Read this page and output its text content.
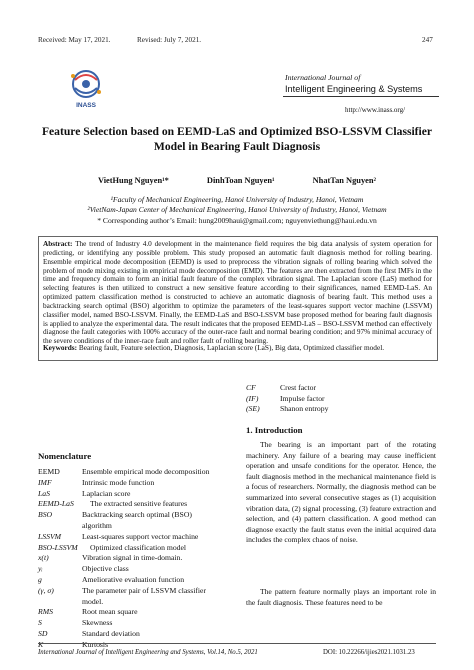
Received: May 17, 2021.	Revised: July 7, 2021.	247
INASS
International Journal of
Intelligent Engineering & Systems
http://www.inass.org/
Feature Selection based on EEMD-LaS and Optimized BSO-LSSVM Classifier
Model in Bearing Fault Diagnosis
VietHung Nguyen¹*	DinhToan Nguyen¹	NhatTan Nguyen²
¹Faculty of Mechanical Engineering, Hanoi University of Industry, Hanoi, Vietnam
²VietNam-Japan Center of Mechanical Engineering, Hanoi University of Industry, Hanoi, Vietnam
* Corresponding author’s Email: hung2009haui@gmail.com; nguyenviethung@haui.edu.vn
Abstract: The trend of Industry 4.0 development in the maintenance field requires the big data analysis of system operation for predicting, or identifying any possible problem. This study proposed an automatic fault diagnosis method for rolling bearing. Ensemble empirical mode decomposition (EEMD) is used to preprocess the vibration signals of rolling bearing which solved the problem of mode mixing existing in empirical mode decomposition (EMD). The features are then extracted from the first IMFs in the time and frequency domain to form an initial fault feature of the complex vibration signal. The Laplacian score (LaS) method for selecting features is then utilized to construct a new sensitive feature according to their significances, named EEMD-LaS. An optimized pattern classification method is constructed to achieve an automatic diagnosis of bearing fault. This method uses a backtracking search optimal (BSO) algorithm to optimize the parameters of the least-squares support vector machine (LSSVM) classifier model, named BSO-LSSVM. Finally, the EEMD-LaS and BSO-LSSVM base proposed method for bearing fault diagnosis is applied to analyze the experimental data. The result indicates that the proposed EEMD-LaS – BSO-LSSVM method can effectively diagnose the fault categories with 100% accuracy of the outer-race fault and normal bearing condition; and 97% minimal accuracy of the severe conditions of the inner-race fault and roller fault of rolling bearing.
Keywords: Bearing fault, Feature selection, Diagnosis, Laplacian score (LaS), Big data, Optimized classifier model.
Nomenclature
EEMD	Ensemble empirical mode decomposition
IMF	Intrinsic mode function
LaS	Laplacian score
EEMD-LaS The extracted sensitive features
BSO	Backtracking search optimal (BSO)
algorithm
LSSVM	Least-squares support vector machine
BSO-LSSVM Optimized classification model
x(t)	Vibration signal in time-domain.
yᵢ	Objective class
g	Ameliorative evaluation function
(γ, σ)	The parameter pair of LSSVM classifier
model.
RMS	Root mean square
S	Skewness
SD	Standard deviation
K	Kurtosis
CF	Crest factor
(IF)	Impulse factor
(SE)	Shanon entropy
1. Introduction
The bearing is an important part of the rotating machinery. Any failure of a bearing may cause inefficient operation and unsafe conditions for the operator. Hence, the fault diagnosis method in the mechanical maintenance field is a focus of researchers. Normally, the diagnosis method can be summarized into several consecutive stages as (1) acquisition vibration data, (2) signal processing, (3) feature extraction and selection, and (4) pattern classification. A good method can diagnose exactly the fault status even the initial acquired data includes the complex chaos of noise.
The pattern feature normally plays an important role in the fault diagnosis. These features need to be
International Journal of Intelligent Engineering and Systems, Vol.14, No.5, 2021	DOI: 10.22266/ijies2021.1031.23
